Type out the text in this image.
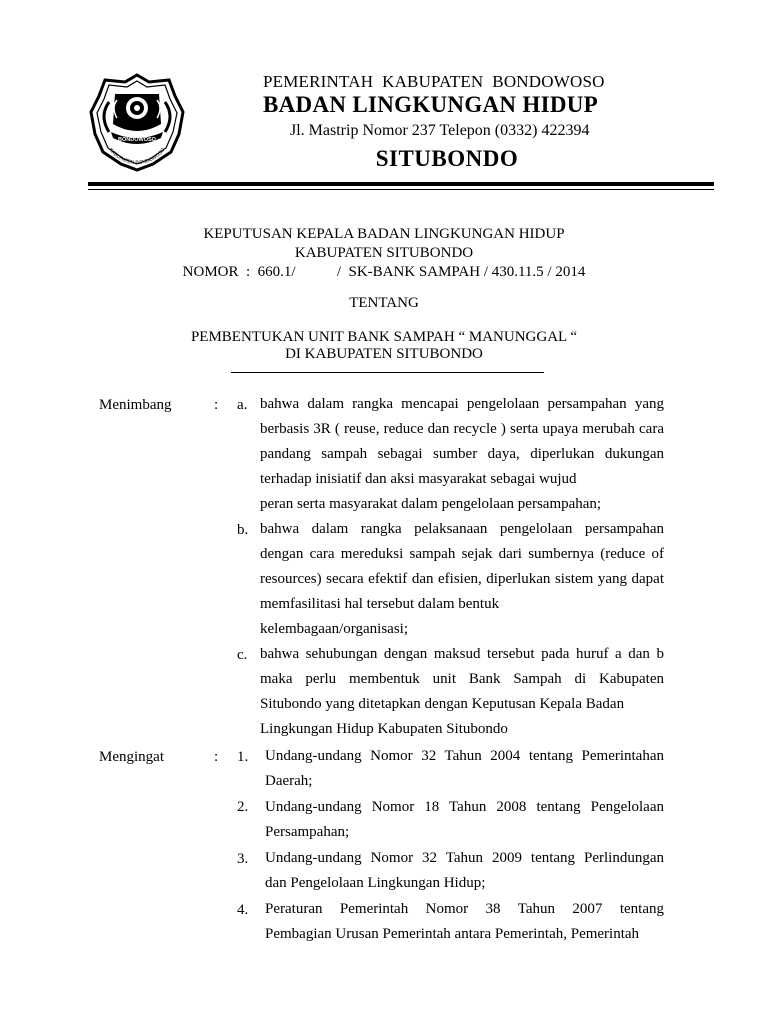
BONDOWOSO
KABUPATEN BONDOWOSO
PEMERINTAH  KABUPATEN  BONDOWOSO
BADAN LINGKUNGAN HIDUP
Jl. Mastrip Nomor 237 Telepon (0332) 422394
SITUBONDO
KEPUTUSAN KEPALA BADAN LINGKUNGAN HIDUP
KABUPATEN SITUBONDO
NOMOR  :  660.1/           /  SK-BANK SAMPAH / 430.11.5 / 2014
TENTANG
PEMBENTUKAN UNIT BANK SAMPAH “ MANUNGGAL “
DI KABUPATEN SITUBONDO
Menimbang	: a. bahwa dalam rangka mencapai pengelolaan persampahan yang berbasis 3R ( reuse, reduce dan recycle ) serta upaya merubah cara pandang sampah sebagai sumber daya, diperlukan dukungan terhadap inisiatif dan aksi masyarakat sebagai wujud
peran serta masyarakat dalam pengelolaan persampahan;
b. bahwa dalam rangka pelaksanaan pengelolaan persampahan dengan cara mereduksi sampah sejak dari sumbernya (reduce of resources) secara efektif dan efisien, diperlukan sistem yang dapat memfasilitasi hal tersebut dalam bentuk
kelembagaan/organisasi;
c. bahwa sehubungan dengan maksud tersebut pada huruf a dan b maka perlu membentuk unit Bank Sampah di Kabupaten Situbondo yang ditetapkan dengan Keputusan Kepala Badan
Lingkungan Hidup Kabupaten Situbondo
Mengingat	: 1. Undang-undang Nomor 32 Tahun 2004 tentang Pemerintahan
Daerah;
2. Undang-undang Nomor 18 Tahun 2008 tentang Pengelolaan
Persampahan;
3. Undang-undang Nomor 32 Tahun 2009 tentang Perlindungan
dan Pengelolaan Lingkungan Hidup;
4. Peraturan Pemerintah Nomor 38 Tahun 2007 tentang
Pembagian Urusan Pemerintah antara Pemerintah, Pemerintah
